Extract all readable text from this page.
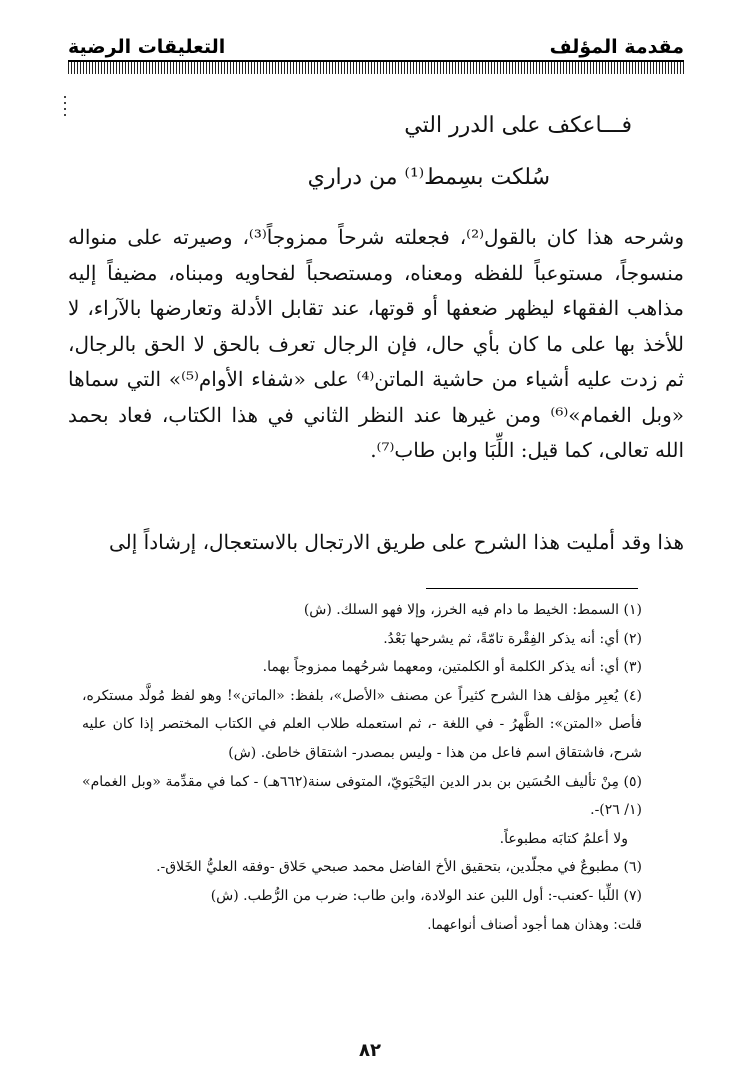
مقدمة المؤلف
التعليقات الرضية
فـــاعكف على الدرر التي
سُلكت بسِمط⁽¹⁾ من دراري
وشرحه هذا كان بالقول⁽²⁾، فجعلته شرحاً ممزوجاً⁽³⁾، وصيرته على منواله منسوجاً، مستوعباً للفظه ومعناه، ومستصحباً لفحاويه ومبناه، مضيفاً إليه مذاهب الفقهاء ليظهر ضعفها أو قوتها، عند تقابل الأدلة وتعارضها بالآراء، لا للأخذ بها على ما كان بأي حال، فإن الرجال تعرف بالحق لا الحق بالرجال، ثم زدت عليه أشياء من حاشية الماتن⁽⁴⁾ على «شفاء الأوام⁽⁵⁾» التي سماها «وبل الغمام»⁽⁶⁾ ومن غيرها عند النظر الثاني في هذا الكتاب، فعاد بحمد الله تعالى، كما قيل: اللِّبَا وابن طاب⁽⁷⁾.
هذا وقد أمليت هذا الشرح على طريق الارتجال بالاستعجال، إرشاداً إلى
(١) السمط: الخيط ما دام فيه الخرز، وإلا فهو السلك. (ش)
(٢) أي: أنه يذكر الفِقْرة تامّةً، ثم يشرحها بَعْدُ.
(٣) أي: أنه يذكر الكلمة أو الكلمتين، ومعهما شرحُهما ممزوجاً بهما.
(٤) يُعبِر مؤلف هذا الشرح كثيراً عن مصنف «الأصل»، بلفظ: «الماتن»! وهو لفظ مُولَّد مستكره، فأصل «المتن»: الظَّهرُ - في اللغة -، ثم استعمله طلاب العلم في الكتاب المختصر إذا كان عليه شرح، فاشتقاق اسم فاعل من هذا - وليس بمصدر- اشتقاق خاطئ. (ش)
(٥) مِنْ تأليف الحُسَين بن بدر الدين اليَحْيَويّ، المتوفى سنة(٦٦٢هـ) - كما في مقدِّمة «وبل الغمام» (١/ ٢٦)-.
ولا أعلمُ كتابَه مطبوعاً.
(٦) مطبوعٌ في مجلّدين، بتحقيق الأخ الفاضل محمد صبحي حَلاق -وفقه العليُّ الخَلاق-.
(٧) اللِّبا -كعنب-: أول اللبن عند الولادة، وابن طاب: ضرب من الرُّطب. (ش)
قلت: وهذان هما أجود أصناف أنواعهما.
٨٢
